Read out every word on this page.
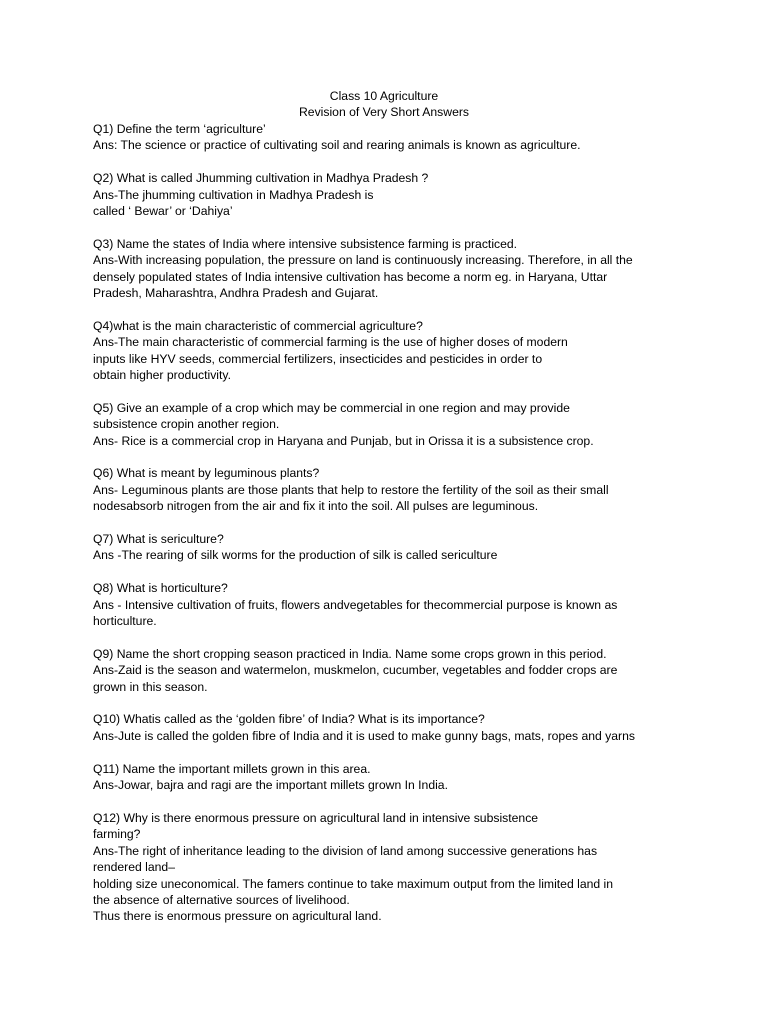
Class 10 Agriculture
Revision of Very Short Answers
Q1) Define the term ‘agriculture’
Ans: The science or practice of cultivating soil and rearing animals is known as agriculture.
Q2) What is called Jhumming cultivation in Madhya Pradesh ?
Ans-The jhumming cultivation in Madhya Pradesh is
called ‘ Bewar’ or ‘Dahiya’
Q3) Name the states of India where intensive subsistence farming is practiced.
Ans-With increasing population, the pressure on land is continuously increasing. Therefore, in all the
densely populated states of India intensive cultivation has become a norm eg. in Haryana, Uttar
Pradesh, Maharashtra, Andhra Pradesh and Gujarat.
Q4)what is the main characteristic of commercial agriculture?
Ans-The main characteristic of commercial farming is the use of higher doses of modern
inputs like HYV seeds, commercial fertilizers, insecticides and pesticides in order to
obtain higher productivity.
Q5) Give an example of a crop which may be commercial in one region and may provide
subsistence cropin another region.
Ans- Rice is a commercial crop in Haryana and Punjab, but in Orissa it is a subsistence crop.
Q6) What is meant by leguminous plants?
Ans- Leguminous plants are those plants that help to restore the fertility of the soil as their small
nodesabsorb nitrogen from the air and fix it into the soil. All pulses are leguminous.
Q7) What is sericulture?
Ans -The rearing of silk worms for the production of silk is called sericulture
Q8) What is horticulture?
Ans - Intensive cultivation of fruits, flowers andvegetables for thecommercial purpose is known as
horticulture.
Q9) Name the short cropping season practiced in India. Name some crops grown in this period.
Ans-Zaid is the season and watermelon, muskmelon, cucumber, vegetables and fodder crops are
grown in this season.
Q10) Whatis called as the ‘golden fibre’ of India? What is its importance?
Ans-Jute is called the golden fibre of India and it is used to make gunny bags, mats, ropes and yarns
Q11) Name the important millets grown in this area.
Ans-Jowar, bajra and ragi are the important millets grown In India.
Q12) Why is there enormous pressure on agricultural land in intensive subsistence
farming?
Ans-The right of inheritance leading to the division of land among successive generations has
rendered land–
holding size uneconomical. The famers continue to take maximum output from the limited land in
the absence of alternative sources of livelihood.
Thus there is enormous pressure on agricultural land.
